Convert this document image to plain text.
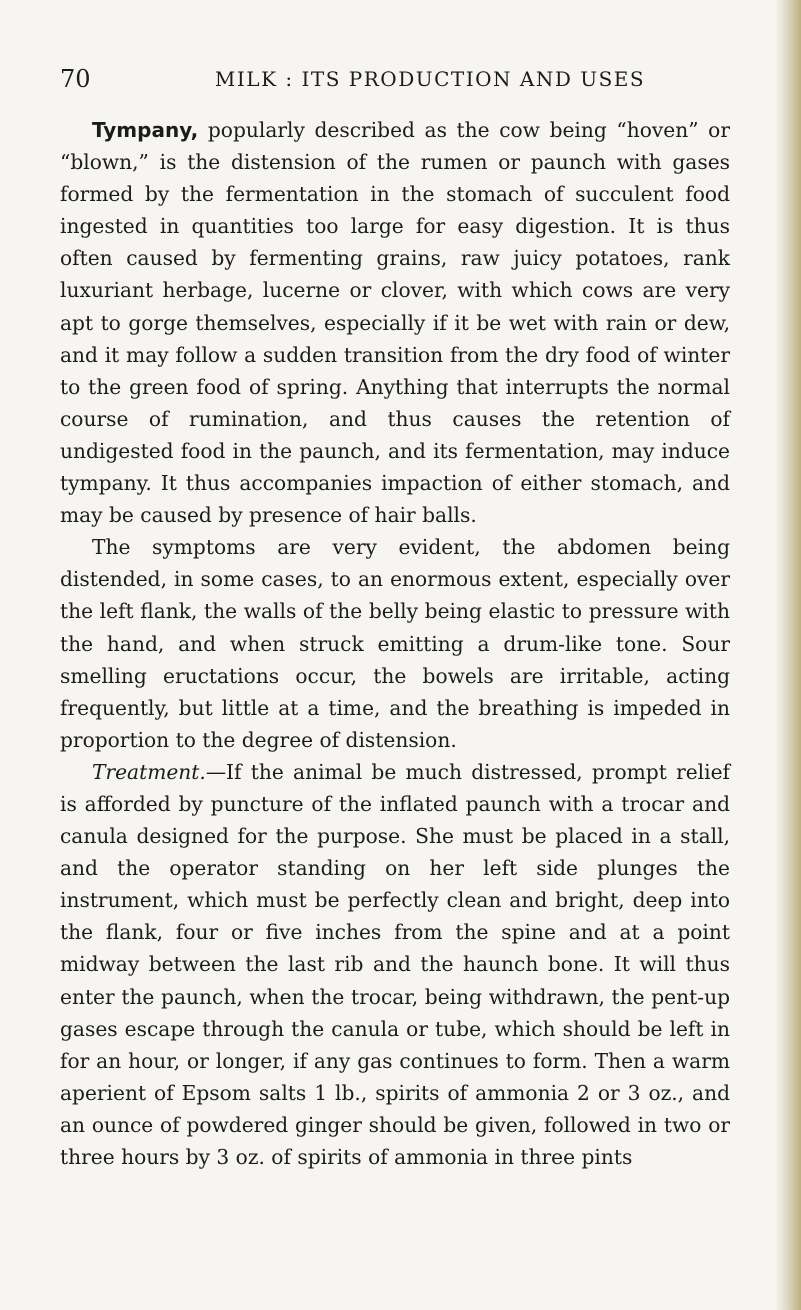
70	MILK : ITS PRODUCTION AND USES

Tympany, popularly described as the cow being “hoven” or “blown,” is the distension of the rumen or paunch with gases formed by the fermentation in the stomach of succulent food ingested in quantities too large for easy digestion. It is thus often caused by fermenting grains, raw juicy potatoes, rank luxuriant herbage, lucerne or clover, with which cows are very apt to gorge themselves, especially if it be wet with rain or dew, and it may follow a sudden transition from the dry food of winter to the green food of spring. Anything that interrupts the normal course of rumination, and thus causes the retention of undigested food in the paunch, and its fermentation, may induce tympany. It thus accompanies impaction of either stomach, and may be caused by presence of hair balls.

The symptoms are very evident, the abdomen being distended, in some cases, to an enormous extent, especially over the left flank, the walls of the belly being elastic to pressure with the hand, and when struck emitting a drum-like tone. Sour smelling eructations occur, the bowels are irritable, acting frequently, but little at a time, and the breathing is impeded in proportion to the degree of distension.

Treatment.—If the animal be much distressed, prompt relief is afforded by puncture of the inflated paunch with a trocar and canula designed for the purpose. She must be placed in a stall, and the operator standing on her left side plunges the instrument, which must be perfectly clean and bright, deep into the flank, four or five inches from the spine and at a point midway between the last rib and the haunch bone. It will thus enter the paunch, when the trocar, being withdrawn, the pent-up gases escape through the canula or tube, which should be left in for an hour, or longer, if any gas continues to form. Then a warm aperient of Epsom salts 1 lb., spirits of ammonia 2 or 3 oz., and an ounce of powdered ginger should be given, followed in two or three hours by 3 oz. of spirits of ammonia in three pints
